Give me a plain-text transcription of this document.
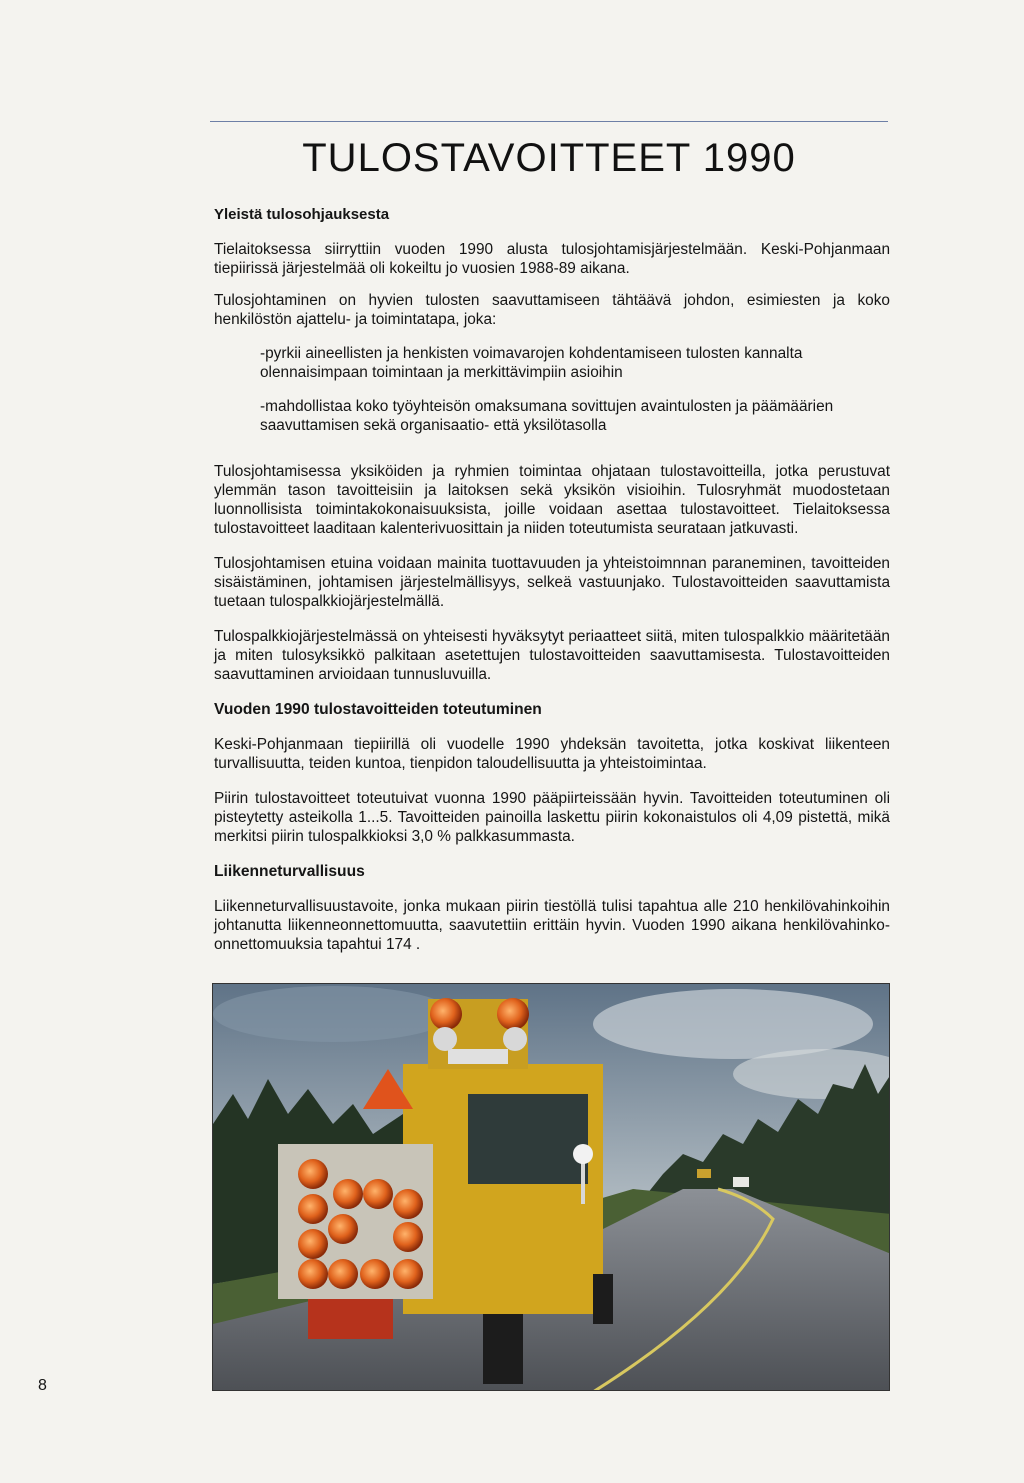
TULOSTAVOITTEET 1990
Yleistä tulosohjauksesta

Tielaitoksessa siirryttiin vuoden 1990 alusta tulosjohtamisjärjestelmään. Keski-Pohjanmaan tiepiirissä järjestelmää oli kokeiltu jo vuosien 1988-89 aikana.

Tulosjohtaminen on hyvien tulosten saavuttamiseen tähtäävä johdon, esimiesten ja koko henkilöstön ajattelu- ja toimintatapa, joka:

-pyrkii aineellisten ja henkisten voimavarojen kohdentamiseen tulosten kannalta olennaisimpaan toimintaan ja merkittävimpiin asioihin
-mahdollistaa koko työyhteisön omaksumana sovittujen avaintulosten ja päämäärien saavuttamisen sekä organisaatio- että yksilötasolla

Tulosjohtamisessa yksiköiden ja ryhmien toimintaa ohjataan tulostavoitteilla, jotka perustuvat ylemmän tason tavoitteisiin ja laitoksen sekä yksikön visioihin. Tulosryhmät muodostetaan luonnollisista toimintakokonaisuuksista, joille voidaan asettaa tulostavoitteet. Tielaitoksessa tulostavoitteet laaditaan kalenterivuosittain ja niiden toteutumista seurataan jatkuvasti.

Tulosjohtamisen etuina voidaan mainita tuottavuuden ja yhteistoimnnan paraneminen, tavoitteiden sisäistäminen, johtamisen järjestelmällisyys, selkeä vastuunjako. Tulostavoitteiden saavuttamista tuetaan tulospalkkiojärjestelmällä.

Tulospalkkiojärjestelmässä on yhteisesti hyväksytyt periaatteet siitä, miten tulospalkkio määritetään ja miten tulosyksikkö palkitaan asetettujen tulostavoitteiden saavuttamisesta. Tulostavoitteiden saavuttaminen arvioidaan tunnusluvuilla.

Vuoden 1990 tulostavoitteiden toteutuminen

Keski-Pohjanmaan tiepiirillä oli vuodelle 1990 yhdeksän tavoitetta, jotka koskivat liikenteen turvallisuutta, teiden kuntoa, tienpidon taloudellisuutta ja yhteistoimintaa.

Piirin tulostavoitteet toteutuivat vuonna 1990 pääpiirteissään hyvin. Tavoitteiden toteutuminen oli pisteytetty asteikolla 1...5. Tavoitteiden painoilla laskettu piirin kokonaistulos oli 4,09 pistettä, mikä merkitsi piirin tulospalkkioksi 3,0 % palkkasummasta.

Liikenneturvallisuus

Liikenneturvallisuustavoite, jonka mukaan piirin tiestöllä tulisi tapahtua alle 210 henkilövahinkoihin johtanutta liikenneonnettomuutta, saavutettiin erittäin hyvin. Vuoden 1990 aikana henkilövahinko-onnettomuuksia tapahtui 174 .

8
